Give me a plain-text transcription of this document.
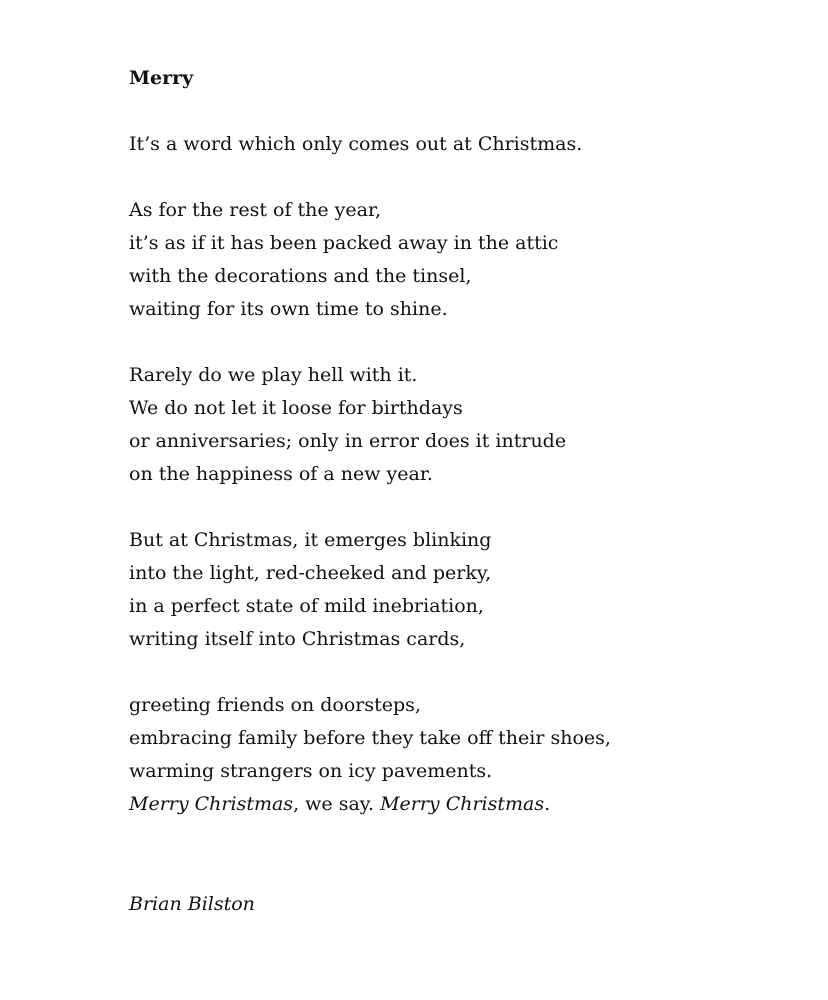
Merry
It’s a word which only comes out at Christmas.
As for the rest of the year,
it’s as if it has been packed away in the attic
with the decorations and the tinsel,
waiting for its own time to shine.
Rarely do we play hell with it.
We do not let it loose for birthdays
or anniversaries; only in error does it intrude
on the happiness of a new year.
But at Christmas, it emerges blinking
into the light, red-cheeked and perky,
in a perfect state of mild inebriation,
writing itself into Christmas cards,
greeting friends on doorsteps,
embracing family before they take off their shoes,
warming strangers on icy pavements.
Merry Christmas, we say. Merry Christmas.
Brian Bilston
